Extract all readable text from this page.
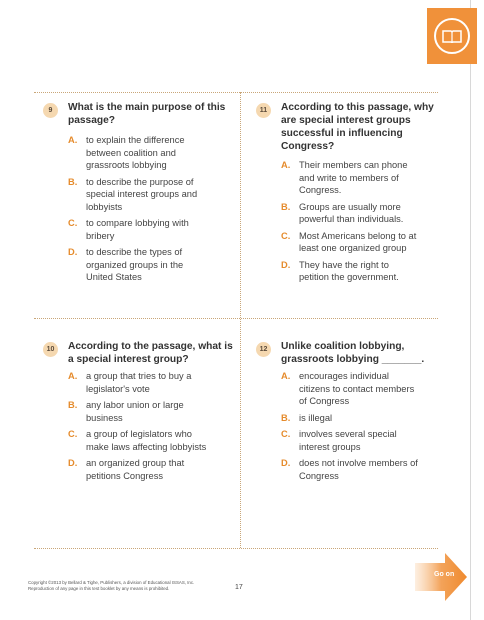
9	What is the main purpose of this
passage?
A. to explain the difference
between coalition and
grassroots lobbying
B. to describe the purpose of
special interest groups and
lobbyists
C. to compare lobbying with
bribery
D. to describe the types of
organized groups in the
United States
11	According to this passage, why
are special interest groups
successful in influencing
Congress?
A. Their members can phone
and write to members of
Congress.
B. Groups are usually more
powerful than individuals.
C. Most Americans belong to at
least one organized group
D. They have the right to
petition the government.
10	According to the passage, what is
a special interest group?
A. a group that tries to buy a
legislator's vote
B. any labor union or large
business
C. a group of legislators who
make laws affecting lobbyists
D. an organized group that
petitions Congress
12	Unlike coalition lobbying,
grassroots lobbying _______.
A. encourages individual
citizens to contact members
of Congress
B. is illegal
C. involves several special
interest groups
D. does not involve members of
Congress
Copyright ©2013 by Bellard & Tighe, Publishers, a division of Educational ISSAS, Inc.
Reproduction of any page in this test booklet by any means is prohibited.	17
Go on
